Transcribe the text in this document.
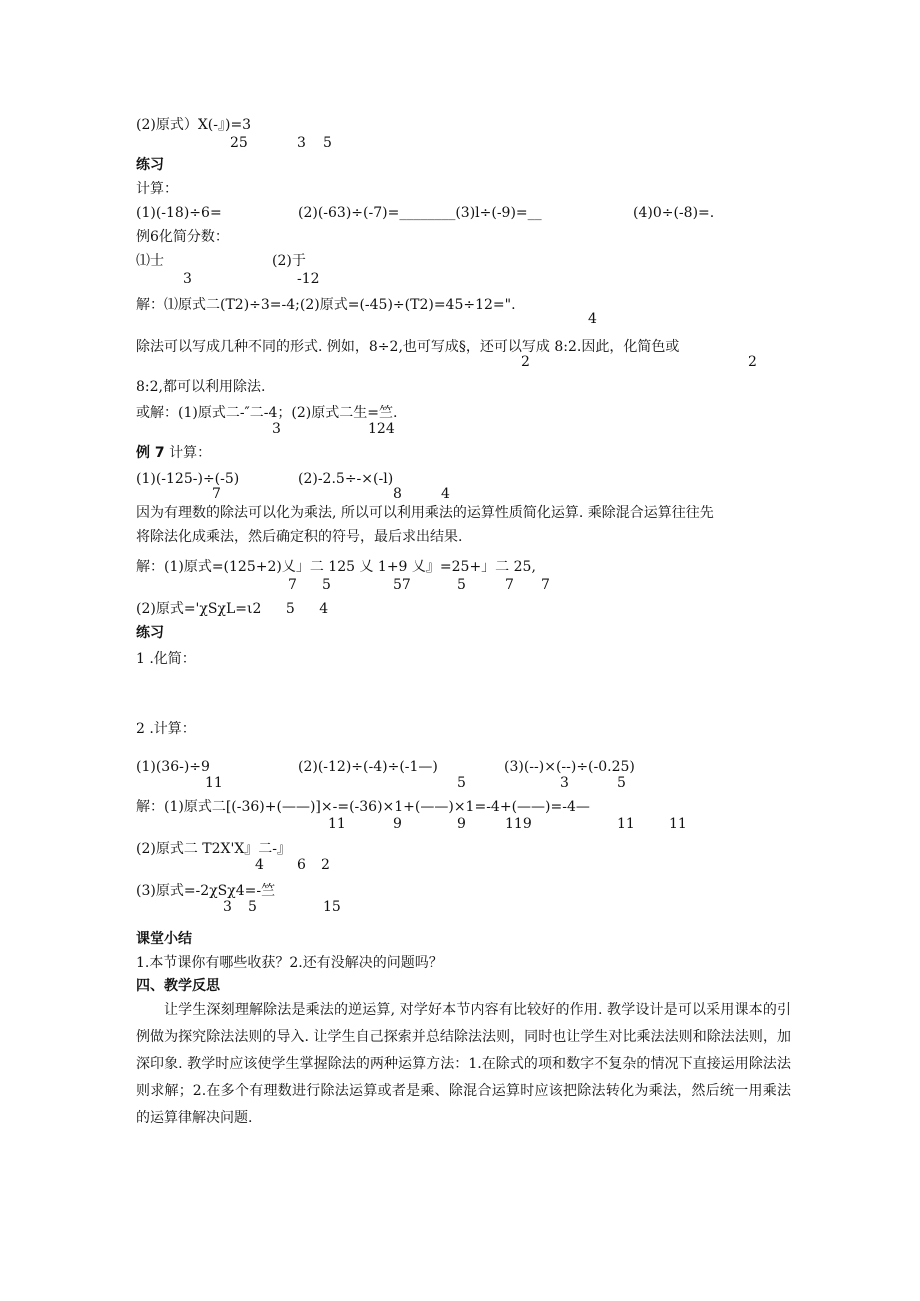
(2)原式）X(-』)=3
25	3 5
练习
计算：
(1)(-18)÷6=	(2)(-63)÷(-7)=________(3)l÷(-9)=__	(4)0÷(-8)=.
例6化简分数：
⑴士	(2)于
3	-12
解：⑴原式二(T2)÷3=-4;(2)原式=(-45)÷(T2)=45÷12=".
4
除法可以写成几种不同的形式. 例如，8÷2,也可写成§，还可以写成 8:2.因此，化简色或
2	2
8:2,都可以利用除法.
或解：(1)原式二-″二-4；(2)原式二生=竺.
3	124
例 7 计算：
(1)(-125-)÷(-5)	(2)-2.5÷-×(-l)
7	8	4
因为有理数的除法可以化为乘法, 所以可以利用乘法的运算性质简化运算. 乘除混合运算往往先
将除法化成乘法，然后确定积的符号，最后求出结果.
解：(1)原式=(125+2)乂」二 125 乂 1+9 乂』=25+」二 25,
7 5	57	5	7 7
(2)原式='χSχL=ι2 5 4
练习
1 .化简：
2 .计算：
(1)(36-)÷9	(2)(-12)÷(-4)÷(-1—)	(3)(--)×(--)÷(-0.25)
11	5	3	5
解：(1)原式二[(-36)+(——)]×-=(-36)×1+(——)×1=-4+(——)=-4—
11	9	9	119	11 11
(2)原式二 T2X'X』二-』
4 6 2
(3)原式=-2χSχ4=-竺
3 5	15
课堂小结
1.本节课你有哪些收获？2.还有没解决的问题吗？
四、教学反思
让学生深刻理解除法是乘法的逆运算, 对学好本节内容有比较好的作用. 教学设计是可以采用课本的引例做为探究除法法则的导入. 让学生自己探索并总结除法法则，同时也让学生对比乘法法则和除法法则，加深印象. 教学时应该使学生掌握除法的两种运算方法：1.在除式的项和数字不复杂的情况下直接运用除法法则求解；2.在多个有理数进行除法运算或者是乘、除混合运算时应该把除法转化为乘法，然后统一用乘法的运算律解决问题.
